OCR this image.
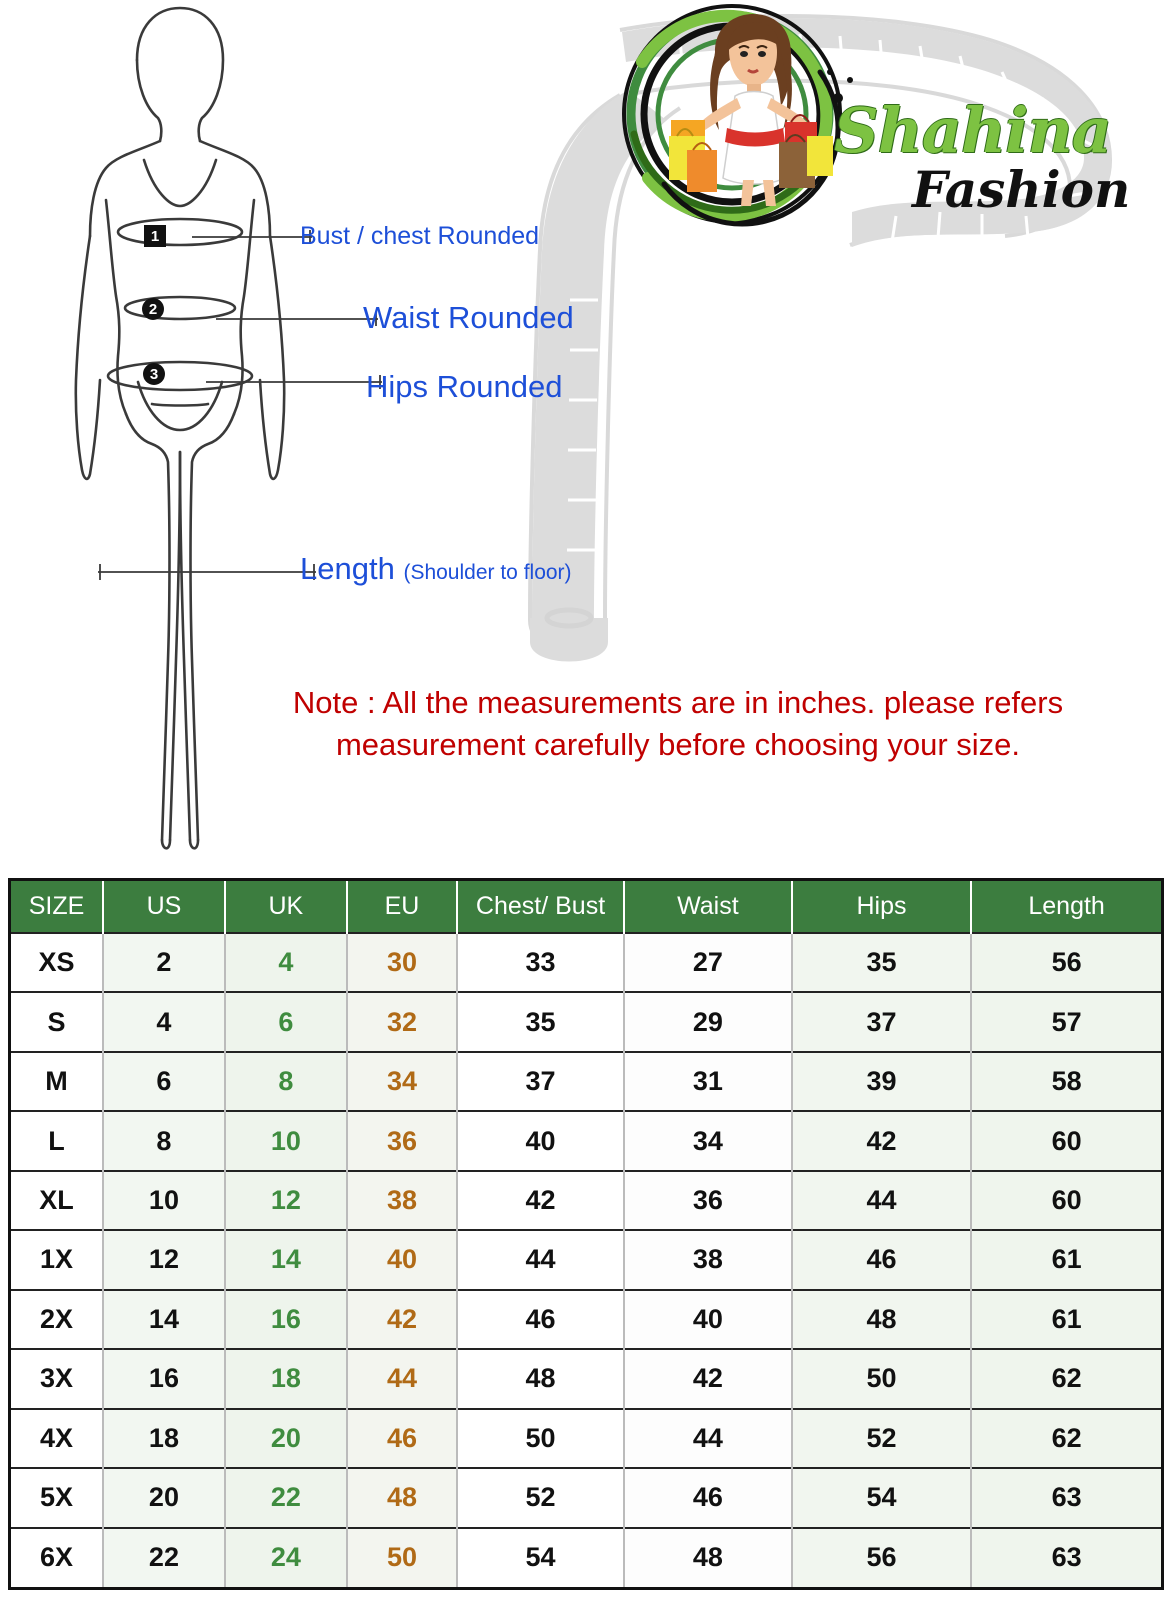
Shahina
Fashion
1
2
3
Bust / chest Rounded
Waist Rounded
Hips Rounded
Length (Shoulder to floor)
Note : All the measurements are in inches. please refers measurement carefully before choosing your size.
SIZE	US	UK	EU	Chest/ Bust	Waist	Hips	Length
XS	2	4	30	33	27	35	56
S	4	6	32	35	29	37	57
M	6	8	34	37	31	39	58
L	8	10	36	40	34	42	60
XL	10	12	38	42	36	44	60
1X	12	14	40	44	38	46	61
2X	14	16	42	46	40	48	61
3X	16	18	44	48	42	50	62
4X	18	20	46	50	44	52	62
5X	20	22	48	52	46	54	63
6X	22	24	50	54	48	56	63
